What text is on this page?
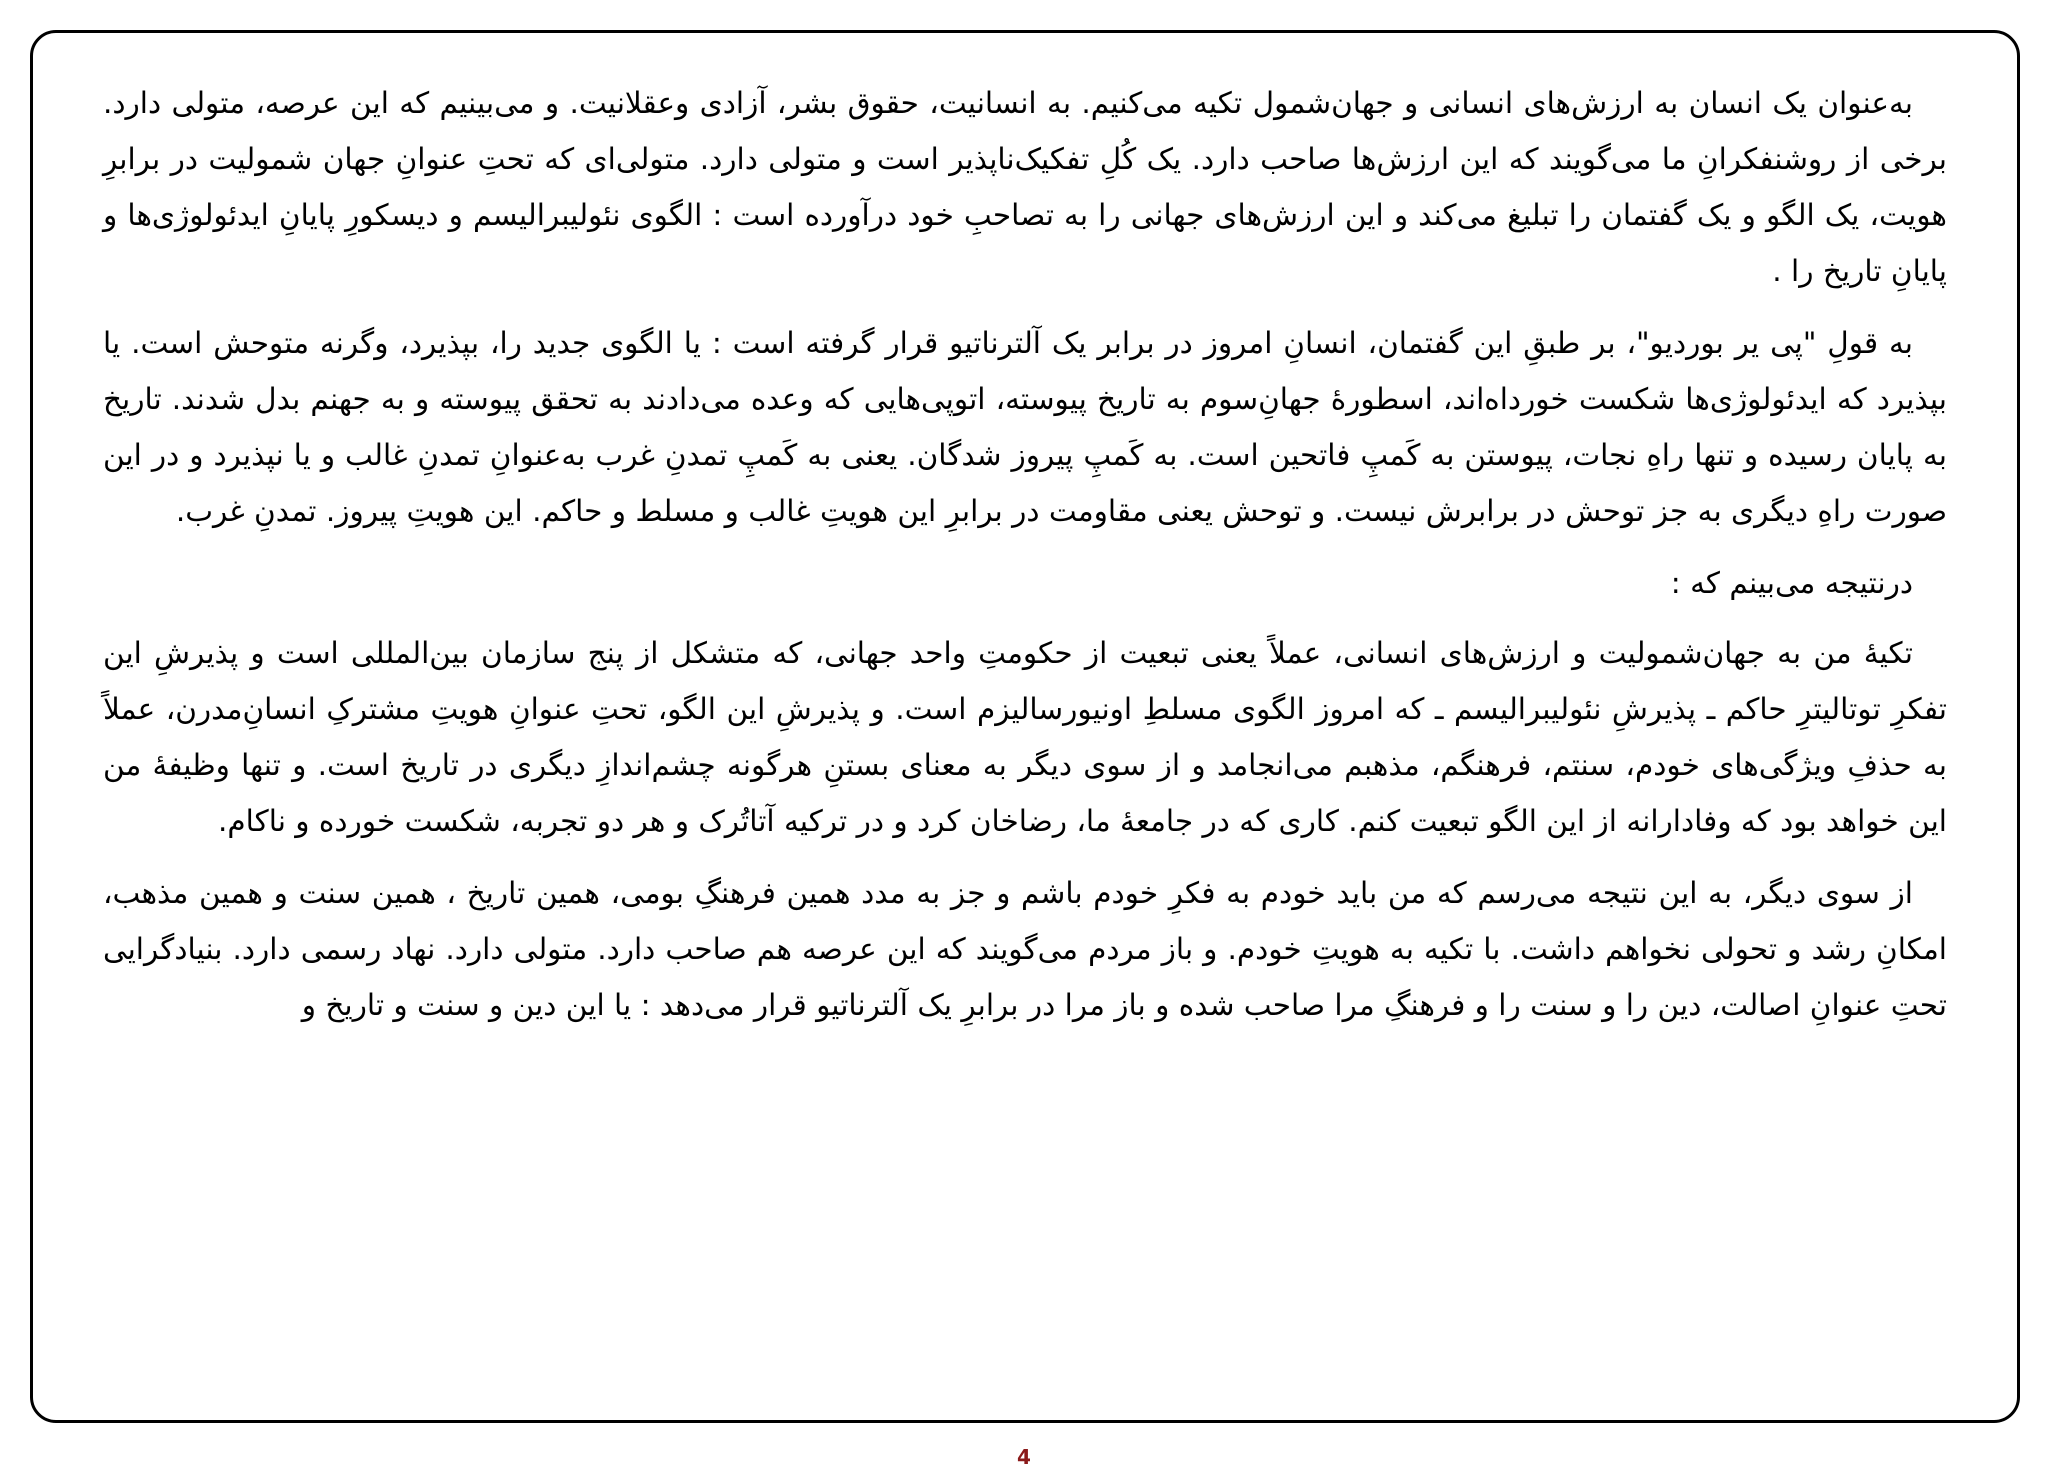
به‌عنوان یک انسان به ارزش‌های انسانی و جهان‌شمول تکیه می‌کنیم. به انسانیت، حقوق بشر، آزادی وعقلانیت. و می‌بینیم که این عرصه، متولی دارد. برخی از روشنفکرانِ ما می‌گویند که این ارزش‌ها صاحب دارد. یک کُلِ تفکیک‌ناپذیر است و متولی دارد. متولی‌ای که تحتِ عنوانِ جهان شمولیت در برابرِ هویت، یک الگو و یک گفتمان را تبلیغ می‌کند و این ارزش‌های جهانی را به تصاحبِ خود درآورده است : الگوی نئولیبرالیسم و دیسکورِ پایانِ ایدئولوژی‌ها و پایانِ تاریخ را .

به قولِ "پی یر بوردیو"، بر طبقِ این گفتمان، انسانِ امروز در برابر یک آلترناتیو قرار گرفته است : یا الگوی جدید را، بپذیرد، وگرنه متوحش است. یا بپذیرد که ایدئولوژی‌ها شکست خورداه‌اند، اسطورهٔ جهانِ‌سوم به تاریخ پیوسته، اتوپی‌هایی که وعده می‌دادند به تحقق پیوسته و به جهنم بدل شدند. تاریخ به پایان رسیده و تنها راهِ نجات، پیوستن به کَمپِ فاتحین است. به کَمپِ پیروز شدگان. یعنی به کَمپِ تمدنِ غرب به‌عنوانِ تمدنِ غالب و یا نپذیرد و در این صورت راهِ دیگری به جز توحش در برابرش نیست. و توحش یعنی مقاومت در برابرِ این هویتِ غالب و مسلط و حاکم. این هویتِ پیروز. تمدنِ غرب.

درنتیجه می‌بینم که :

تکیهٔ من به جهان‌شمولیت و ارزش‌های انسانی، عملاً یعنی تبعیت از حکومتِ واحد جهانی، که متشکل از پنج سازمان بین‌المللی است و پذیرشِ این تفکرِ توتالیترِ حاکم ـ پذیرشِ نئولیبرالیسم ـ که امروز الگوی مسلطِ اونیورسالیزم است. و پذیرشِ این الگو، تحتِ عنوانِ هویتِ مشترکِ انسانِ‌مدرن، عملاً به حذفِ ویژگی‌های خودم، سنتم، فرهنگم، مذهبم می‌انجامد و از سوی دیگر به معنای بستنِ هرگونه چشم‌اندازِ دیگری در تاریخ است. و تنها وظیفهٔ من این خواهد بود که وفادارانه از این الگو تبعیت کنم. کاری که در جامعهٔ ما، رضاخان کرد و در ترکیه آتاتُرک و هر دو تجربه، شکست خورده و ناکام.

از سوی دیگر، به این نتیجه می‌رسم که من باید خودم به فکرِ خودم باشم و جز به مدد همین فرهنگِ بومی، همین تاریخ ، همین سنت و همین مذهب، امکانِ رشد و تحولی نخواهم داشت. با تکیه به هویتِ خودم. و باز مردم می‌گویند که این عرصه هم صاحب دارد. متولی دارد. نهاد رسمی دارد. بنیادگرایی تحتِ عنوانِ اصالت، دین را و سنت را و فرهنگِ مرا صاحب شده و باز مرا در برابرِ یک آلترناتیو قرار می‌دهد : یا این دین و سنت و تاریخ و

4
